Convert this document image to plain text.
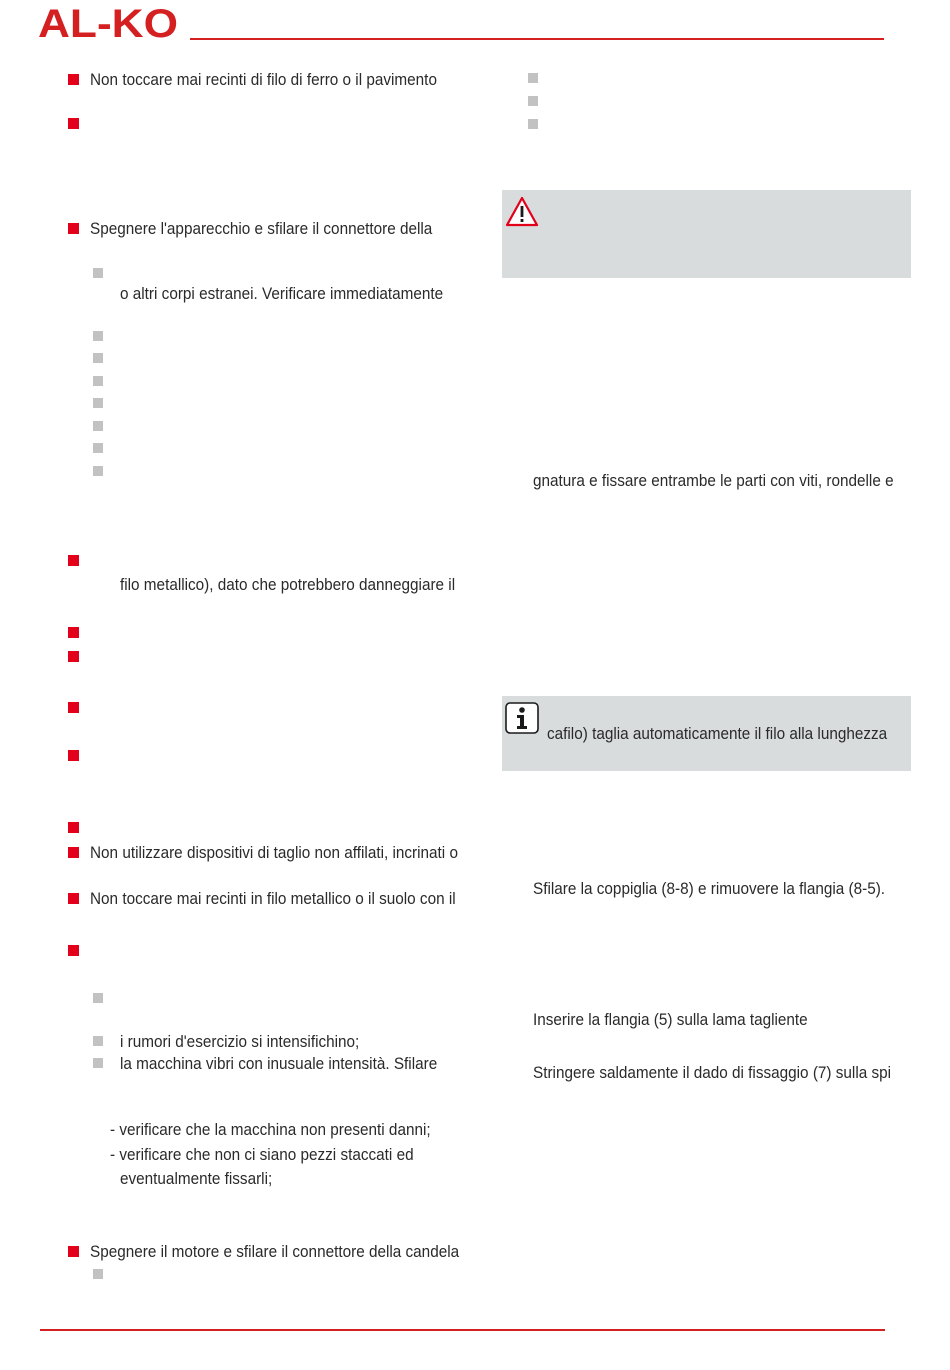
AL-KO
Non toccare mai recinti di filo di ferro o il pavimento
Spegnere l'apparecchio e sfilare il connettore della
o altri corpi estranei. Verificare immediatamente
filo metallico), dato che potrebbero danneggiare il
Non utilizzare dispositivi di taglio non affilati, incrinati o
Non toccare mai recinti in filo metallico o il suolo con il
i rumori d'esercizio si intensifichino;
la macchina vibri con inusuale intensità. Sfilare
- verificare che la macchina non presenti danni;
- verificare che non ci siano pezzi staccati ed
eventualmente fissarli;
Spegnere il motore e sfilare il connettore della candela
gnatura e fissare entrambe le parti con viti, rondelle e
cafilo) taglia automaticamente il filo alla lunghezza
Sfilare la coppiglia (8-8) e rimuovere la flangia (8-5).
Inserire la flangia (5) sulla lama tagliente
Stringere saldamente il dado di fissaggio (7) sulla spi
